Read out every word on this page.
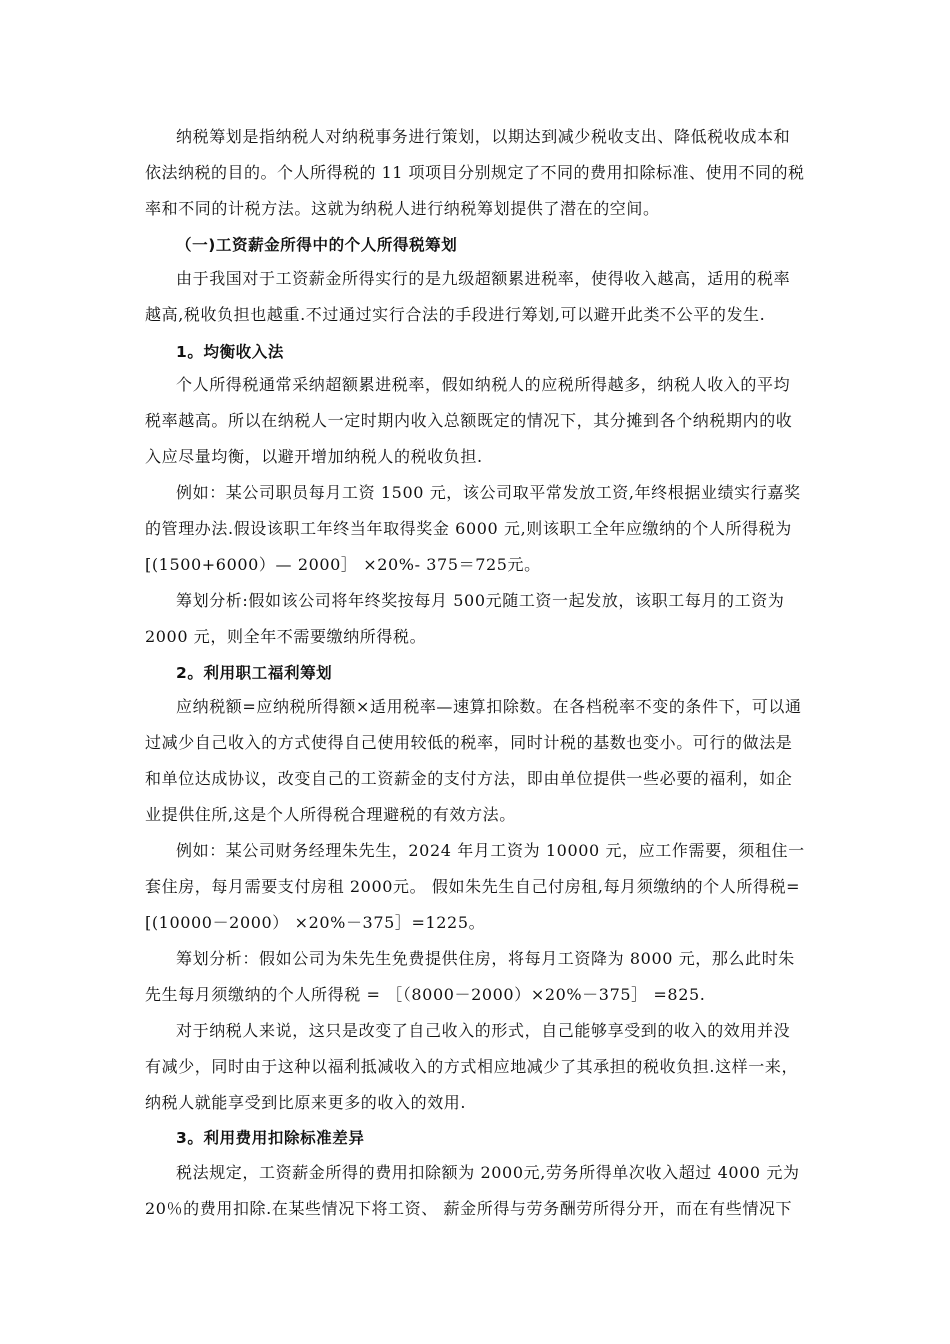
纳税筹划是指纳税人对纳税事务进行策划，以期达到减少税收支出、降低税收成本和
依法纳税的目的。个人所得税的 11 项项目分别规定了不同的费用扣除标准、使用不同的税
率和不同的计税方法。这就为纳税人进行纳税筹划提供了潜在的空间。
（一)工资薪金所得中的个人所得税筹划
由于我国对于工资薪金所得实行的是九级超额累进税率，使得收入越高，适用的税率
越高,税收负担也越重.不过通过实行合法的手段进行筹划,可以避开此类不公平的发生.
1。均衡收入法
个人所得税通常采纳超额累进税率，假如纳税人的应税所得越多，纳税人收入的平均
税率越高。所以在纳税人一定时期内收入总额既定的情况下，其分摊到各个纳税期内的收
入应尽量均衡，以避开增加纳税人的税收负担.
例如：某公司职员每月工资 1500 元，该公司取平常发放工资,年终根据业绩实行嘉奖
的管理办法.假设该职工年终当年取得奖金 6000 元,则该职工全年应缴纳的个人所得税为
[(1500+6000）— 2000］ ×20%- 375＝725元。
筹划分析:假如该公司将年终奖按每月 500元随工资一起发放，该职工每月的工资为
2000 元，则全年不需要缴纳所得税。
2。利用职工福利筹划
应纳税额=应纳税所得额×适用税率—速算扣除数。在各档税率不变的条件下，可以通
过减少自己收入的方式使得自己使用较低的税率，同时计税的基数也变小。可行的做法是
和单位达成协议，改变自己的工资薪金的支付方法，即由单位提供一些必要的福利，如企
业提供住所,这是个人所得税合理避税的有效方法。
例如：某公司财务经理朱先生，2024 年月工资为 10000 元，应工作需要，须租住一
套住房，每月需要支付房租 2000元。 假如朱先生自己付房租,每月须缴纳的个人所得税=
[(10000－2000） ×20%－375］=1225。
筹划分析：假如公司为朱先生免费提供住房，将每月工资降为 8000 元，那么此时朱
先生每月须缴纳的个人所得税 = ［（8000－2000）×20%－375］ =825.
对于纳税人来说，这只是改变了自己收入的形式，自己能够享受到的收入的效用并没
有减少，同时由于这种以福利抵减收入的方式相应地减少了其承担的税收负担.这样一来，
纳税人就能享受到比原来更多的收入的效用.
3。利用费用扣除标准差异
税法规定，工资薪金所得的费用扣除额为 2000元,劳务所得单次收入超过 4000 元为
20％的费用扣除.在某些情况下将工资、 薪金所得与劳务酬劳所得分开，而在有些情况下
